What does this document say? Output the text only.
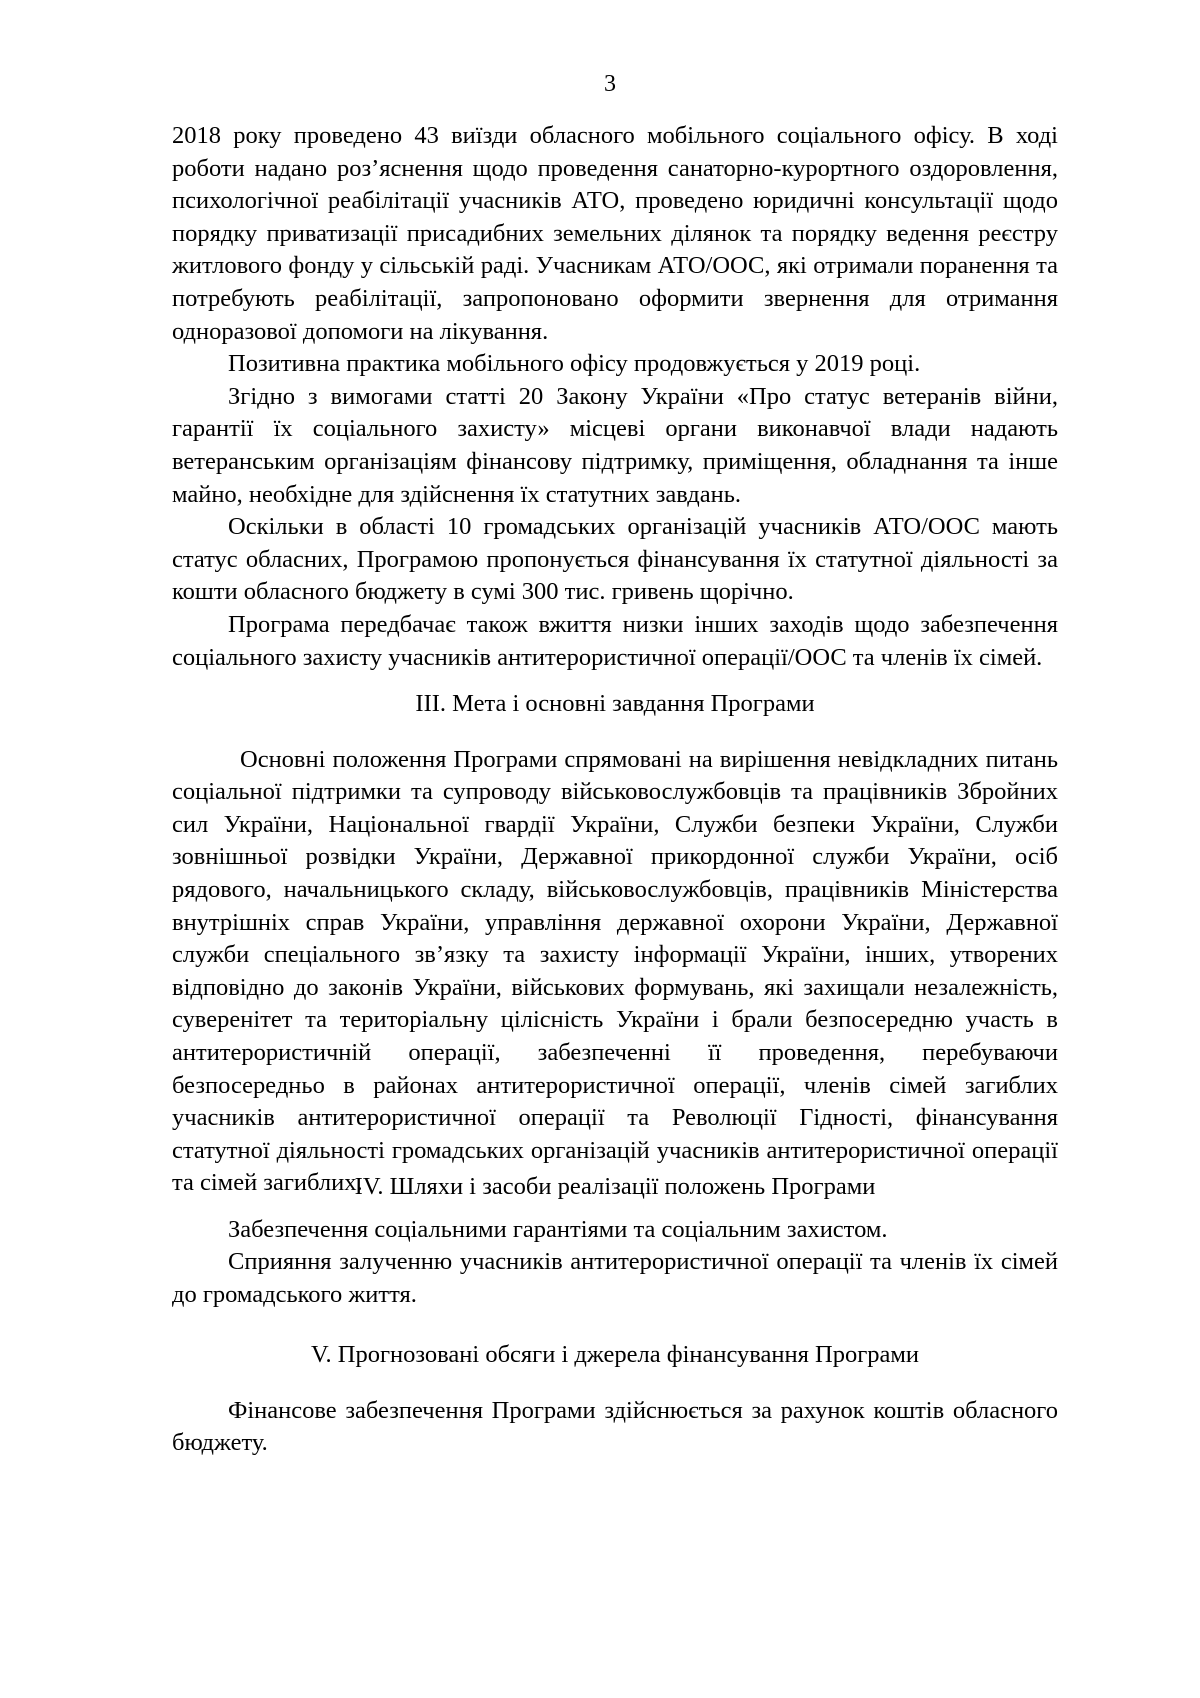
3

2018 року проведено 43 виїзди обласного мобільного соціального офісу. В ході роботи надано роз’яснення щодо проведення санаторно-курортного оздоровлення, психологічної реабілітації учасників АТО, проведено юридичні консультації щодо порядку приватизації присадибних земельних ділянок та порядку ведення реєстру житлового фонду у сільській раді. Учасникам АТО/ООС, які отримали поранення та потребують реабілітації, запропоновано оформити звернення для отримання одноразової допомоги на лікування.

Позитивна практика мобільного офісу продовжується у 2019 році.

Згідно з вимогами статті 20 Закону України «Про статус ветеранів війни, гарантії їх соціального захисту» місцеві органи виконавчої влади надають ветеранським організаціям фінансову підтримку, приміщення, обладнання та інше майно, необхідне для здійснення їх статутних завдань.

Оскільки в області 10 громадських організацій учасників АТО/ООС мають статус обласних, Програмою пропонується фінансування їх статутної діяльності за кошти обласного бюджету в сумі 300 тис. гривень щорічно.

Програма передбачає також вжиття низки інших заходів щодо забезпечення соціального захисту учасників антитерористичної операції/ООС та членів їх сімей.

ІІІ. Мета і основні завдання Програми

Основні положення Програми спрямовані на вирішення невідкладних питань соціальної підтримки та супроводу військовослужбовців та працівників Збройних сил України, Національної гвардії України, Служби безпеки України, Служби зовнішньої розвідки України, Державної прикордонної служби України, осіб рядового, начальницького складу, військовослужбовців, працівників Міністерства внутрішніх справ України, управління державної охорони України, Державної служби спеціального зв’язку та захисту інформації України, інших, утворених відповідно до законів України, військових формувань, які захищали незалежність, суверенітет та територіальну цілісність України і брали безпосередню участь в антитерористичній операції, забезпеченні її проведення, перебуваючи безпосередньо в районах антитерористичної операції, членів сімей загиблих учасників антитерористичної операції та Революції Гідності, фінансування статутної діяльності громадських організацій учасників антитерористичної операції та сімей загиблих.

IV. Шляхи і засоби реалізації положень Програми

Забезпечення соціальними гарантіями та соціальним захистом.

Сприяння залученню учасників антитерористичної операції та членів їх сімей до громадського життя.

V. Прогнозовані обсяги і джерела фінансування Програми

Фінансове забезпечення Програми здійснюється за рахунок коштів обласного бюджету.
